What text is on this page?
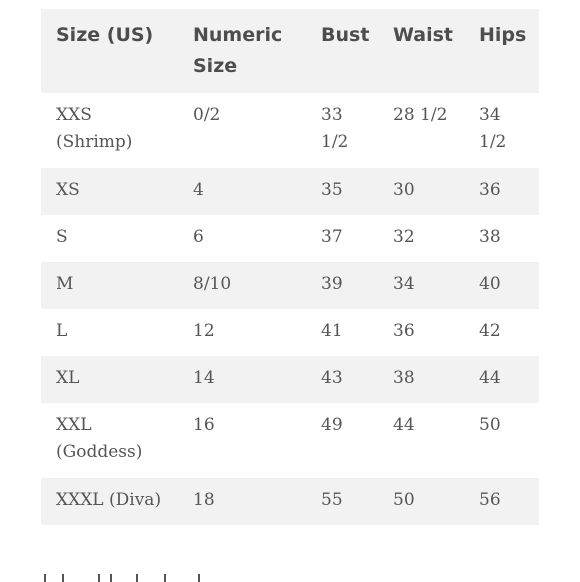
Size (US)	Numeric Size	Bust	Waist	Hips
XXS (Shrimp)	0/2	33 1/2	28 1/2	34 1/2
XS	4	35	30	36
S	6	37	32	38
M	8/10	39	34	40
L	12	41	36	42
XL	14	43	38	44
XXL (Goddess)	16	49	44	50
XXXL (Diva)	18	55	50	56
